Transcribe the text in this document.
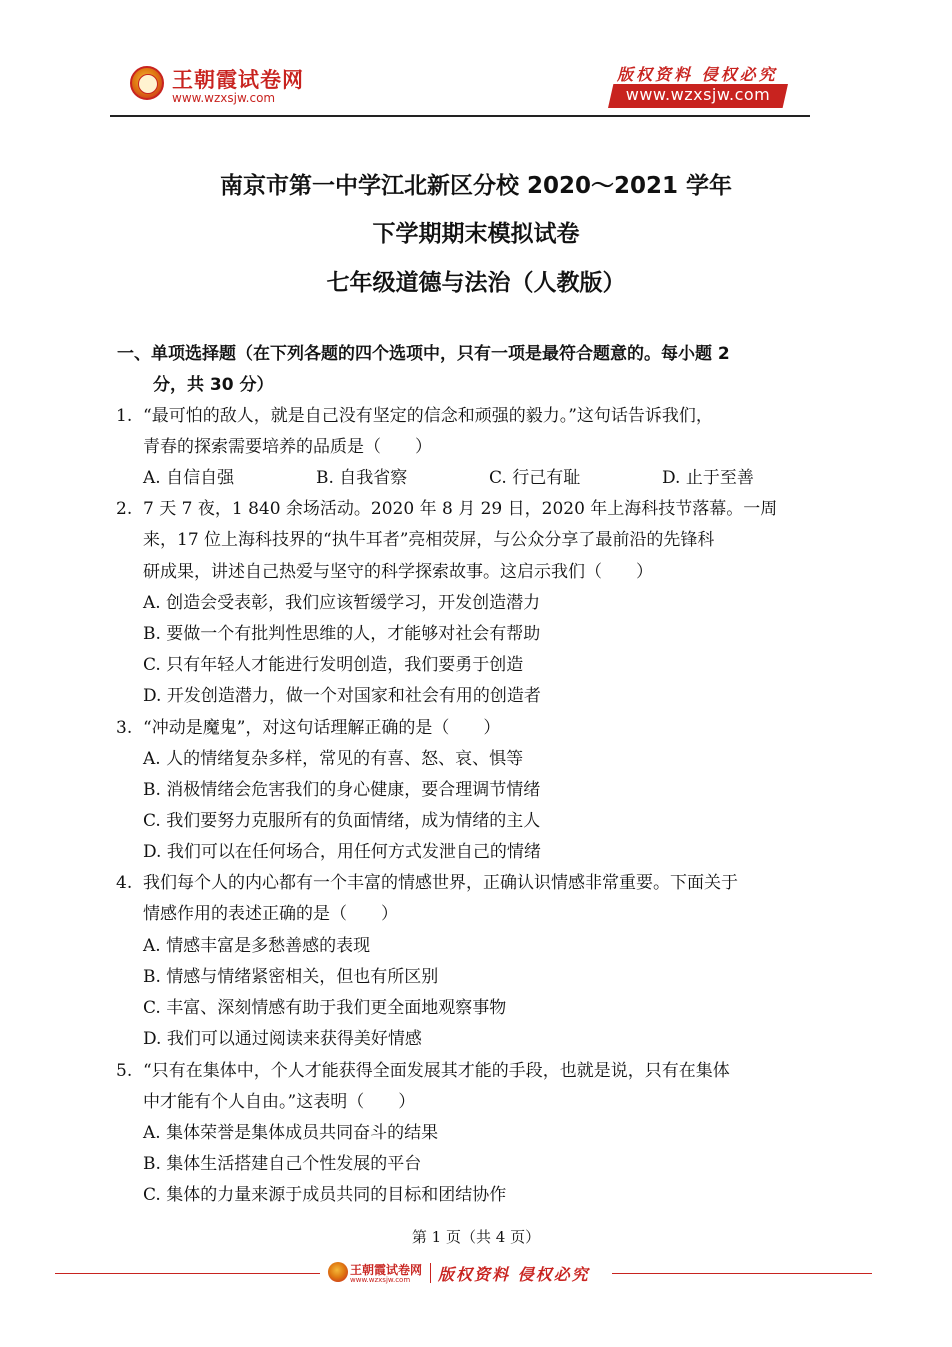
王朝霞试卷网
www.wzxsjw.com
版权资料 侵权必究
www.wzxsjw.com
南京市第一中学江北新区分校 2020～2021 学年
下学期期末模拟试卷
七年级道德与法治（人教版）
一、单项选择题（在下列各题的四个选项中，只有一项是最符合题意的。每小题 2
分，共 30 分）
1. “最可怕的敌人，就是自己没有坚定的信念和顽强的毅力。”这句话告诉我们，
青春的探索需要培养的品质是（　　）
A. 自信自强	B. 自我省察	C. 行己有耻	D. 止于至善
2. 7 天 7 夜，1 840 余场活动。2020 年 8 月 29 日，2020 年上海科技节落幕。一周
来，17 位上海科技界的“执牛耳者”亮相荧屏，与公众分享了最前沿的先锋科
研成果，讲述自己热爱与坚守的科学探索故事。这启示我们（　　）
A. 创造会受表彰，我们应该暂缓学习，开发创造潜力
B. 要做一个有批判性思维的人，才能够对社会有帮助
C. 只有年轻人才能进行发明创造，我们要勇于创造
D. 开发创造潜力，做一个对国家和社会有用的创造者
3. “冲动是魔鬼”，对这句话理解正确的是（　　）
A. 人的情绪复杂多样，常见的有喜、怒、哀、惧等
B. 消极情绪会危害我们的身心健康，要合理调节情绪
C. 我们要努力克服所有的负面情绪，成为情绪的主人
D. 我们可以在任何场合，用任何方式发泄自己的情绪
4. 我们每个人的内心都有一个丰富的情感世界，正确认识情感非常重要。下面关于
情感作用的表述正确的是（　　）
A. 情感丰富是多愁善感的表现
B. 情感与情绪紧密相关，但也有所区别
C. 丰富、深刻情感有助于我们更全面地观察事物
D. 我们可以通过阅读来获得美好情感
5. “只有在集体中，个人才能获得全面发展其才能的手段，也就是说，只有在集体
中才能有个人自由。”这表明（　　）
A. 集体荣誉是集体成员共同奋斗的结果
B. 集体生活搭建自己个性发展的平台
C. 集体的力量来源于成员共同的目标和团结协作
第 1 页（共 4 页）
王朝霞试卷网
www.wzxsjw.com 版权资料 侵权必究
